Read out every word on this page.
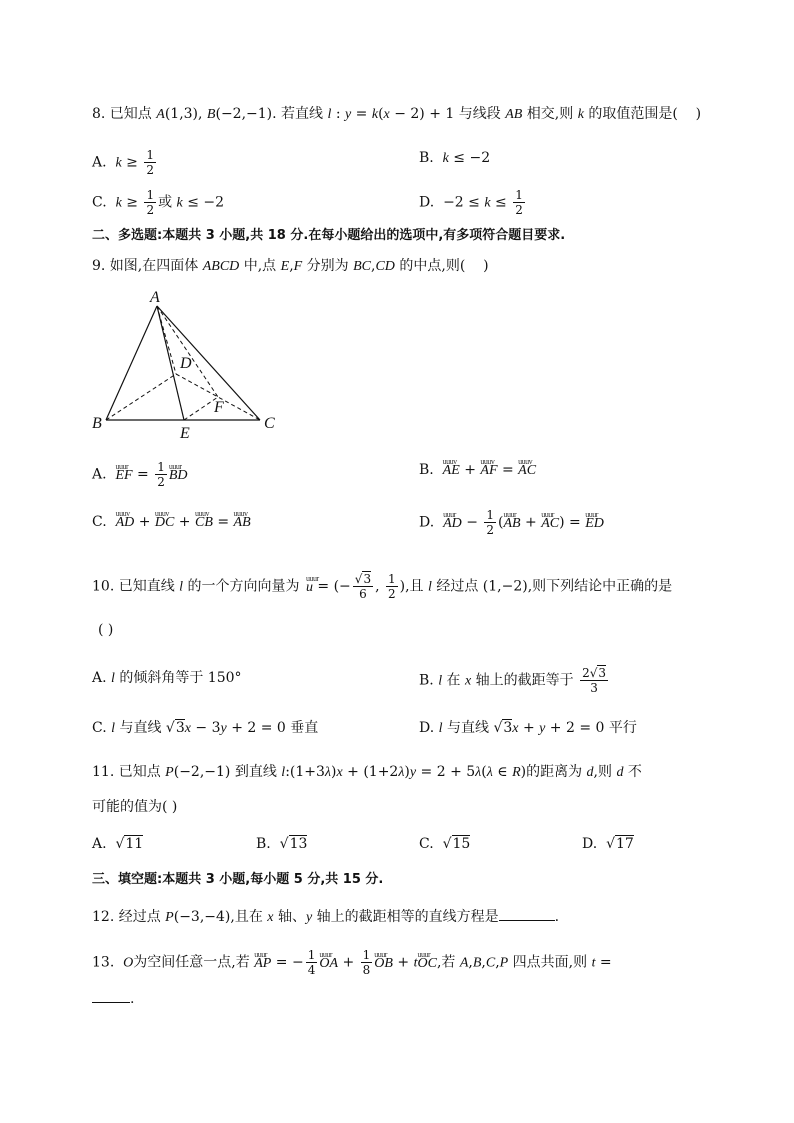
8. 已知点 A(1,3), B(−2,−1). 若直线 l : y = k(x − 2) + 1 与线段 AB 相交,则 k 的取值范围是(    )
A.  $k \ge \frac{1}{2}$	B.  k ≤ −2
C.  $k \ge \frac{1}{2}$ 或 k ≤ −2	D.  $-2 \le k \le \frac{1}{2}$
二、多选题:本题共 3 小题,共 18 分.在每小题给出的选项中,有多项符合题目要求.
9. 如图,在四面体 ABCD 中,点 E,F 分别为 BC,CD 的中点,则(    )
A
B	C
D
E
F
A.  uuur EF = $\frac{1}{2}$ uuur BD	B.  uuuv AE + uuuv AF = uuuv AC
C.  uuuv AD + uuuv DC + uuuv CB = uuuv AB	D.  uuur AD − $\frac{1}{2}$ (uuur AB + uuur AC) = uuur ED
10. 已知直线 l 的一个方向向量为 uuur u = (− $\frac{√3}{6}$ , $\frac{1}{2}$ ),且 l 经过点 (1,−2),则下列结论中正确的是
( )
A. l 的倾斜角等于 150°	B. l 在 x 轴上的截距等于 $\frac{2√3}{3}$
C. l 与直线 √3x − 3y + 2 = 0 垂直	D. l 与直线 √3x + y + 2 = 0 平行
11. 已知点 P(−2,−1) 到直线 l:(1+3λ)x + (1+2λ)y = 2 + 5λ(λ ∈ R)的距离为 d,则 d 不
可能的值为( )
A.  √11	B.  √13	C.  √15	D.  √17
三、填空题:本题共 3 小题,每小题 5 分,共 15 分.
12. 经过点 P(−3,−4),且在 x 轴、y 轴上的截距相等的直线方程是	.
13.  O为空间任意一点,若 uuur AP = − $\frac{1}{4}$ uuur OA + $\frac{1}{8}$ uuur OB + tuuur OC,若 A,B,C,P 四点共面,则 t =
.
